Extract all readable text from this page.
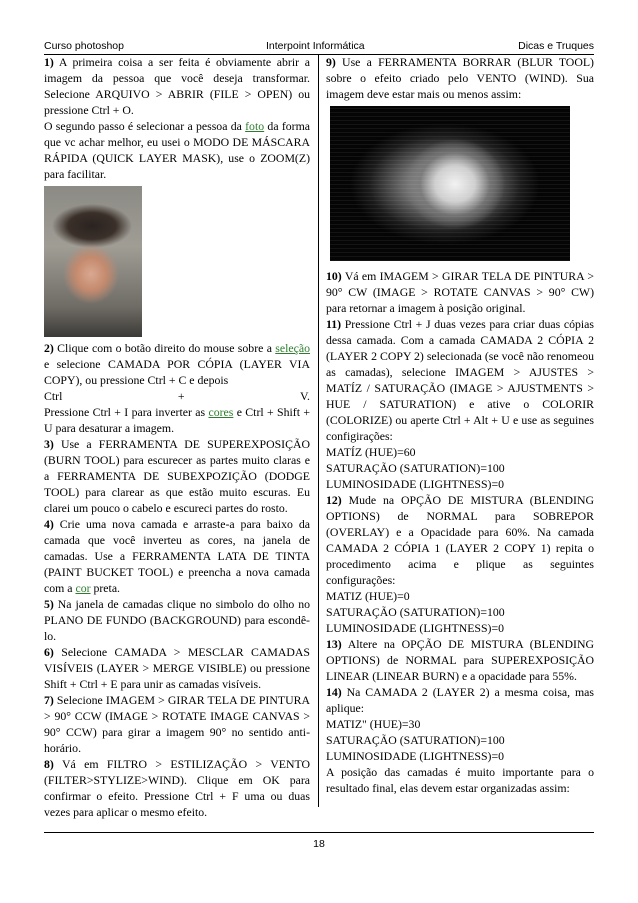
Curso photoshop	Interpoint Informática	Dicas e Truques

1) A primeira coisa a ser feita é obviamente abrir a imagem da pessoa que você deseja transformar. Selecione ARQUIVO > ABRIR (FILE > OPEN) ou pressione Ctrl + O.

O segundo passo é selecionar a pessoa da foto da forma que vc achar melhor, eu usei o MODO DE MÁSCARA RÁPIDA (QUICK LAYER MASK), use o ZOOM(Z) para facilitar.

2) Clique com o botão direito do mouse sobre a seleção e selecione CAMADA POR CÓPIA (LAYER VIA COPY), ou pressione Ctrl + C e depois

Ctrl	+	V.

Pressione Ctrl + I para inverter as cores e Ctrl + Shift + U para desaturar a imagem.

3) Use a FERRAMENTA DE SUPEREXPOSIÇÃO (BURN TOOL) para escurecer as partes muito claras e a FERRAMENTA DE SUBEXPOZIÇÃO (DODGE TOOL) para clarear as que estão muito escuras. Eu clarei um pouco o cabelo e escureci partes do rosto.

4) Crie uma nova camada e arraste-a para baixo da camada que você inverteu as cores, na janela de camadas. Use a FERRAMENTA LATA DE TINTA (PAINT BUCKET TOOL) e preencha a nova camada com a cor preta.

5) Na janela de camadas clique no simbolo do olho no PLANO DE FUNDO (BACKGROUND) para escondê-lo.

6) Selecione CAMADA > MESCLAR CAMADAS VISÍVEIS (LAYER > MERGE VISIBLE) ou pressione Shift + Ctrl + E para unir as camadas visíveis.

7) Selecione IMAGEM > GIRAR TELA DE PINTURA > 90° CCW (IMAGE > ROTATE IMAGE CANVAS > 90° CCW) para girar a imagem 90° no sentido anti-horário.

8) Vá em FILTRO > ESTILIZAÇÃO > VENTO (FILTER>STYLIZE>WIND). Clique em OK para confirmar o efeito. Pressione Ctrl + F uma ou duas vezes para aplicar o mesmo efeito.

9) Use a FERRAMENTA BORRAR (BLUR TOOL) sobre o efeito criado pelo VENTO (WIND). Sua imagem deve estar mais ou menos assim:

10) Vá em IMAGEM > GIRAR TELA DE PINTURA > 90° CW (IMAGE > ROTATE CANVAS > 90° CW) para retornar a imagem à posição original.

11) Pressione Ctrl + J duas vezes para criar duas cópias dessa camada. Com a camada CAMADA 2 CÓPIA 2 (LAYER 2 COPY 2) selecionada (se você não renomeou as camadas), selecione IMAGEM > AJUSTES > MATÍZ / SATURAÇÃO (IMAGE > AJUSTMENTS > HUE / SATURATION) e ative o COLORIR (COLORIZE) ou aperte Ctrl + Alt + U e use as seguines configirações:

MATÍZ (HUE)=60

SATURAÇÃO (SATURATION)=100

LUMINOSIDADE (LIGHTNESS)=0

12) Mude na OPÇÃO DE MISTURA (BLENDING OPTIONS) de NORMAL para SOBREPOR (OVERLAY) e a Opacidade para 60%. Na camada CAMADA 2 CÓPIA 1 (LAYER 2 COPY 1) repita o procedimento acima e plique as seguintes configurações:

MATIZ (HUE)=0

SATURAÇÃO (SATURATION)=100

LUMINOSIDADE (LIGHTNESS)=0

13) Altere na OPÇÃO DE MISTURA (BLENDING OPTIONS) de NORMAL para SUPEREXPOSIÇÃO LINEAR (LINEAR BURN) e a opacidade para 55%.

14) Na CAMADA 2 (LAYER 2) a mesma coisa, mas aplique:

MATIZ" (HUE)=30

SATURAÇÃO (SATURATION)=100

LUMINOSIDADE (LIGHTNESS)=0

A posição das camadas é muito importante para o resultado final, elas devem estar organizadas assim:

18
